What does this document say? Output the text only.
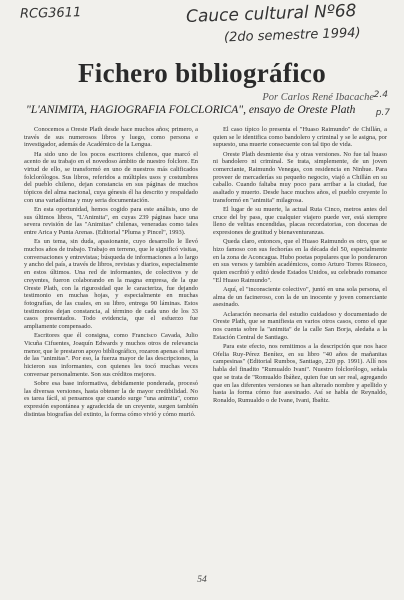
RCG3611	Cauce cultural Nº68
(2do semestre 1994)
Fichero bibliográfico
Por Carlos René Ibacache 2.4
"L'ANIMITA, HAGIOGRAFIA FOLCLORICA", ensayo de Oreste Plath p.7

Conocemos a Oreste Plath desde hace muchos años; primero, a través de sus numerosos libros y luego, como persona e investigador, además de Académico de la Lengua.

Ha sido uno de los pocos escritores chilenos, que marcó el acento de su trabajo en el novedoso ámbito de nuestro folclore. En virtud de ello, se transformó en uno de nuestros más calificados folclorólogos. Sus libros, referidos a múltiples usos y costumbres del pueblo chileno, dejan constancia en sus páginas de muchos tópicos del alma nacional, cuya génesis él ha descrito y respaldado con una variadísima y muy seria documentación.

En esta oportunidad, hemos cogido para este análisis, uno de sus últimos libros, "L'Animita", en cuyas 239 páginas hace una severa revisión de las "Animitas" chilenas, veneradas como tales entre Arica y Punta Arenas. (Editorial "Pluma y Pincel", 1993).

Es un tema, sin duda, apasionante, cuyo desarrollo le llevó muchos años de trabajo. Trabajo en terreno, que le significó visitas, conversaciones y entrevistas; búsqueda de informaciones a lo largo y ancho del país, a través de libros, revistas y diarios, especialmente en estos últimos. Una red de informantes, de colectivos y de creyentes, fueron colaborando en la magna empresa, de la que Oreste Plath, con la rigurosidad que le caracteriza, fue dejando testimonio en muchas hojas, y especialmente en muchas fotografías, de las cuales, en su libro, entrega 90 láminas. Estos testimonios dejan constancia, al término de cada uno de los 33 casos presentados. Todo evidencia, que el esfuerzo fue ampliamente compensado.

Escritores que él consigna, como Francisco Cavada, Julio Vicuña Cifuentes, Joaquín Edwards y muchos otros de relevancia menor, que le prestaron apoyo bibliográfico, rozaron apenas el tema de las "animitas". Por eso, la fuerza mayor de las descripciones, la hicieron sus informantes, con quienes les tocó muchas veces conversar personalmente. Son sus créditos mejores.

Sobre esa base informativa, debidamente ponderada, procesó las diversas versiones, hasta obtener la de mayor credibilidad. No es tarea fácil, si pensamos que cuando surge "una animita", como expresión espontánea y agradecida de un creyente, surgen también distintas biografías del extinto, la forma cómo vivió y cómo murió.

El caso típico lo presenta el "Huaso Raimundo" de Chillán, a quien se le identifica como bandolero y criminal y se le asigna, por supuesto, una muerte consecuente con tal tipo de vida.

Oreste Plath desmiente ésa y otras versiones. No fue tal huaso ni bandolero ni criminal. Se trata, simplemente, de un joven comerciante, Raimundo Venegas, con residencia en Ninhue. Para proveer de mercaderías su pequeño negocio, viajó a Chillán en su caballo. Cuando faltaba muy poco para arribar a la ciudad, fue asaltado y muerto. Desde hace muchos años, el pueblo creyente lo transformó en "animita" milagrosa.

El lugar de su muerte, la actual Ruta Cinco, metros antes del cruce del by pass, que cualquier viajero puede ver, está siempre lleno de velitas encendidas, placas recordatorias, con docenas de expresiones de gratitud y bienaventuranzas.

Queda claro, entonces, que el Huaso Raimundo es otro, que se hizo famoso con sus fechorías en la década del 50, especialmente en la zona de Aconcagua. Hubo poetas populares que lo ponderaron en sus versos y también académicos, como Arturo Torres Rioseco, quien escribió y editó desde Estados Unidos, su celebrado romance "El Huaso Raimundo".

Aquí, el "inconsciente colectivo", juntó en una sola persona, el alma de un facineroso, con la de un inocente y joven comerciante asesinado.

Aclaración necesaria del estudio cuidadoso y documentado de Oreste Plath, que se manifiesta en varios otros casos, como el que nos cuenta sobre la "animita" de la calle San Borja, aledaña a la Estación Central de Santiago.

Para este efecto, nos remitimos a la descripción que nos hace Ofelia Ruy-Pérez Benítez, en su libro "40 años de mañanitas campesinas" (Editorial Rumbos, Santiago, 220 pp. 1991). Allí nos habla del finadito "Rumualdo Ivani". Nuestro folclorólogo, señala que se trata de "Romualdo Ibáñez, quien fue un ser real, agregando que en las diferentes versiones se han alterado nombre y apellido y hasta la forma cómo fue asesinado. Así se habla de Reynaldo, Ronaldo, Rumualdo o de Ivane, Ivani, Ibañiz.

54
